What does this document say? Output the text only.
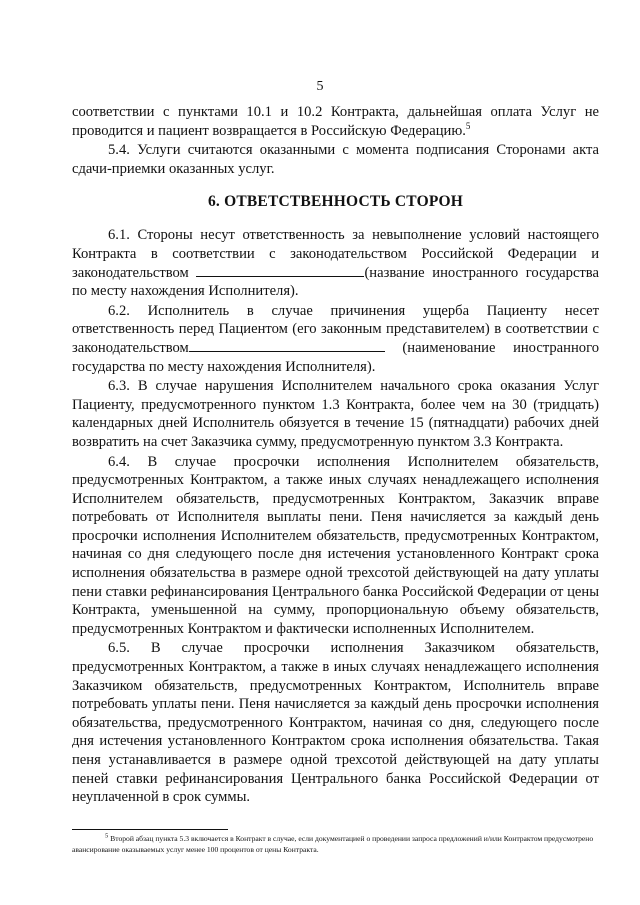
5

соответствии с пунктами 10.1 и 10.2 Контракта, дальнейшая оплата Услуг не проводится и пациент возвращается в Российскую Федерацию.$^5$

5.4. Услуги считаются оказанными с момента подписания Сторонами акта сдачи-приемки оказанных услуг.

6. ОТВЕТСТВЕННОСТЬ СТОРОН

6.1. Стороны несут ответственность за невыполнение условий настоящего Контракта в соответствии с законодательством Российской Федерации и законодательством	(название иностранного государства по месту нахождения Исполнителя).

6.2. Исполнитель в случае причинения ущерба Пациенту несет ответственность перед Пациентом (его законным представителем) в соответствии с законодательством	(наименование иностранного государства по месту нахождения Исполнителя).

6.3. В случае нарушения Исполнителем начального срока оказания Услуг Пациенту, предусмотренного пунктом 1.3 Контракта, более чем на 30 (тридцать) календарных дней Исполнитель обязуется в течение 15 (пятнадцати) рабочих дней возвратить на счет Заказчика сумму, предусмотренную пунктом 3.3 Контракта.

6.4. В случае просрочки исполнения Исполнителем обязательств, предусмотренных Контрактом, а также иных случаях ненадлежащего исполнения Исполнителем обязательств, предусмотренных Контрактом, Заказчик вправе потребовать от Исполнителя выплаты пени. Пеня начисляется за каждый день просрочки исполнения Исполнителем обязательств, предусмотренных Контрактом, начиная со дня следующего после дня истечения установленного Контракт срока исполнения обязательства в размере одной трехсотой действующей на дату уплаты пени ставки рефинансирования Центрального банка Российской Федерации от цены Контракта, уменьшенной на сумму, пропорциональную объему обязательств, предусмотренных Контрактом и фактически исполненных Исполнителем.

6.5. В случае просрочки исполнения Заказчиком обязательств, предусмотренных Контрактом, а также в иных случаях ненадлежащего исполнения Заказчиком обязательств, предусмотренных Контрактом, Исполнитель вправе потребовать уплаты пени. Пеня начисляется за каждый день просрочки исполнения обязательства, предусмотренного Контрактом, начиная со дня, следующего после дня истечения установленного Контрактом срока исполнения обязательства. Такая пеня устанавливается в размере одной трехсотой действующей на дату уплаты пеней ставки рефинансирования Центрального банка Российской Федерации от неуплаченной в срок суммы.

$^5$ Второй абзац пункта 5.3 включается в Контракт в случае, если документацией о проведении запроса предложений и/или Контрактом предусмотрено авансирование оказываемых услуг менее 100 процентов от цены Контракта.
